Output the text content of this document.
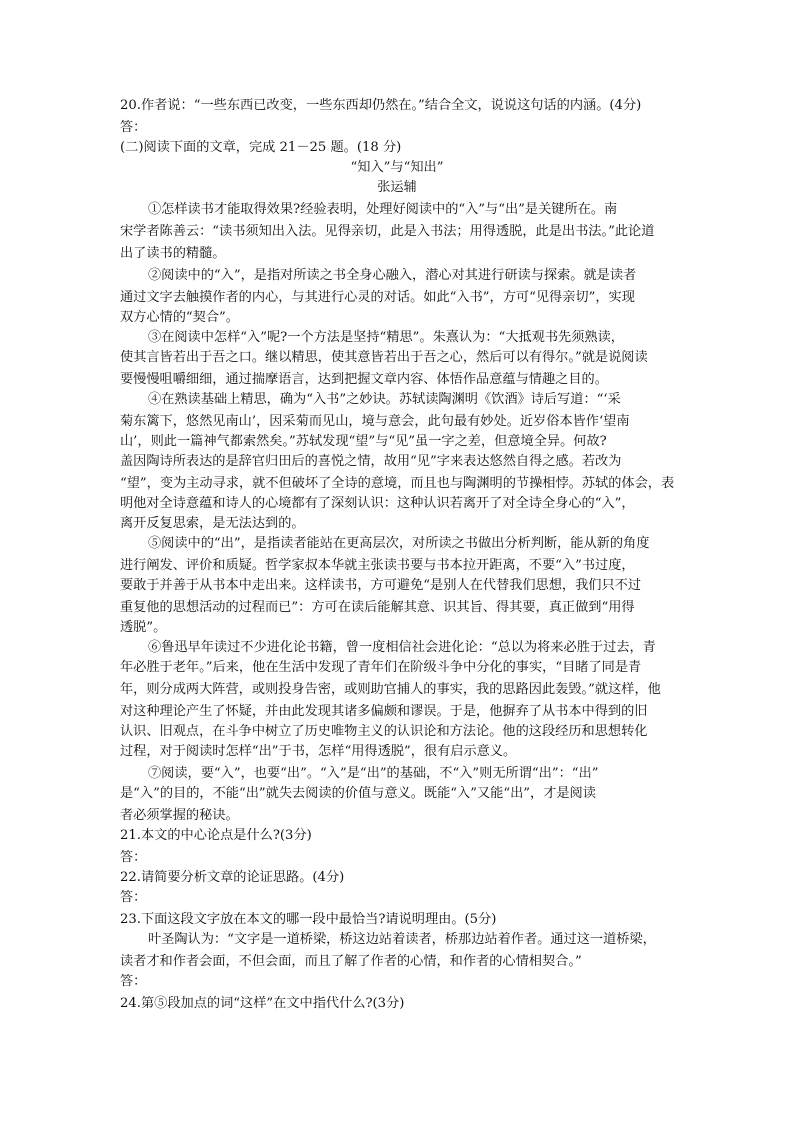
20.作者说：“一些东西已改变，一些东西却仍然在。”结合全文，说说这句话的内涵。(4分)
答：
(二)阅读下面的文章，完成 21－25 题。(18 分)
“知入”与“知出”
张运辅
①怎样读书才能取得效果?经验表明，处理好阅读中的“入”与“出”是关键所在。南
宋学者陈善云：“读书须知出入法。见得亲切，此是入书法；用得透脱，此是出书法。”此论道
出了读书的精髓。
②阅读中的“入”，是指对所读之书全身心融入，潜心对其进行研读与探索。就是读者
通过文字去触摸作者的内心，与其进行心灵的对话。如此“入书”，方可“见得亲切”，实现
双方心情的“契合”。
③在阅读中怎样“入”呢?一个方法是坚持“精思”。朱熹认为：“大抵观书先须熟读，
使其言皆若出于吾之口。继以精思，使其意皆若出于吾之心，然后可以有得尔。”就是说阅读
要慢慢咀嚼细细，通过揣摩语言，达到把握文章内容、体悟作品意蕴与情趣之目的。
④在熟读基础上精思，确为“入书”之妙诀。苏轼读陶渊明《饮酒》诗后写道：“‘采
菊东篱下，悠然见南山’，因采菊而见山，境与意会，此句最有妙处。近岁俗本皆作‘望南
山’，则此一篇神气都索然矣。”苏轼发现“望”与“见”虽一字之差，但意境全异。何故?
盖因陶诗所表达的是辞官归田后的喜悦之情，故用“见”字来表达悠然自得之感。若改为
“望”，变为主动寻求，就不但破坏了全诗的意境，而且也与陶渊明的节操相悖。苏轼的体会，表
明他对全诗意蕴和诗人的心境都有了深刻认识：这种认识若离开了对全诗全身心的“入”，
离开反复思索，是无法达到的。
⑤阅读中的“出”，是指读者能站在更高层次，对所读之书做出分析判断，能从新的角度
进行阐发、评价和质疑。哲学家叔本华就主张读书要与书本拉开距离，不要“入”书过度，
要敢于并善于从书本中走出来。这样读书，方可避免“是别人在代替我们思想，我们只不过
重复他的思想活动的过程而已”：方可在读后能解其意、识其旨、得其要，真正做到“用得
透脱”。
⑥鲁迅早年读过不少进化论书籍，曾一度相信社会进化论：“总以为将来必胜于过去，青
年必胜于老年。”后来，他在生活中发现了青年们在阶级斗争中分化的事实，“目睹了同是青
年，则分成两大阵营，或则投身告密，或则助官捕人的事实，我的思路因此轰毁。”就这样，他
对这种理论产生了怀疑，并由此发现其诸多偏颇和谬误。于是，他摒弃了从书本中得到的旧
认识、旧观点，在斗争中树立了历史唯物主义的认识论和方法论。他的这段经历和思想转化
过程，对于阅读时怎样“出”于书，怎样“用得透脱”，很有启示意义。
⑦阅读，要“入”，也要“出”。“入”是“出”的基础，不“入”则无所谓“出”：“出”
是“入”的目的，不能“出”就失去阅读的价值与意义。既能“入”又能“出”，才是阅读
者必须掌握的秘诀。
21.本文的中心论点是什么?(3分)
答：
22.请简要分析文章的论证思路。(4分)
答：
23.下面这段文字放在本文的哪一段中最恰当?请说明理由。(5分)
叶圣陶认为：“文字是一道桥梁，桥这边站着读者，桥那边站着作者。通过这一道桥梁，
读者才和作者会面，不但会面，而且了解了作者的心情，和作者的心情相契合。”
答：
24.第⑤段加点的词“这样”在文中指代什么?(3分)
